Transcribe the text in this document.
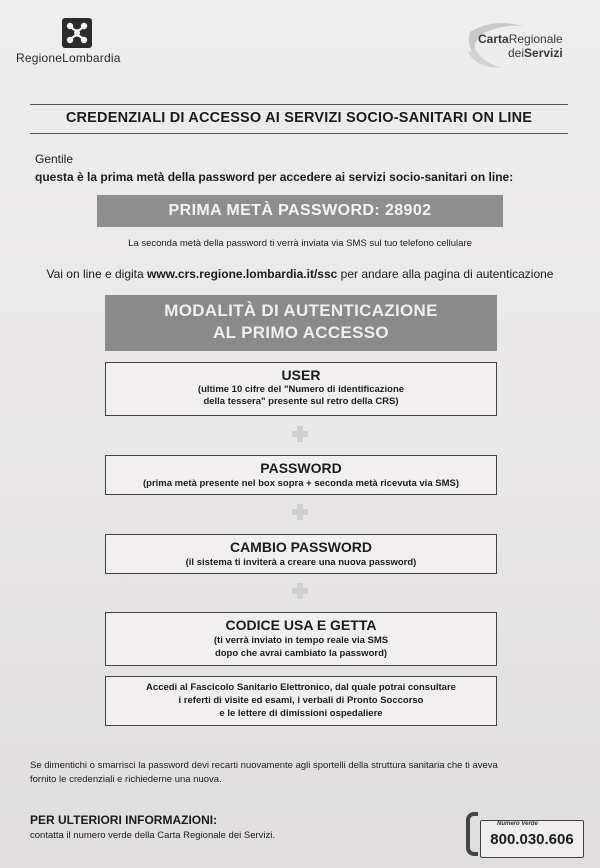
RegioneLombardia
CartaRegionale
deiServizi
CREDENZIALI DI ACCESSO AI SERVIZI SOCIO-SANITARI ON LINE
Gentile
questa è la prima metà della password per accedere ai servizi socio-sanitari on line:
PRIMA METÀ PASSWORD: 28902
La seconda metà della password ti verrà inviata via SMS sul tuo telefono cellulare
Vai on line e digita www.crs.regione.lombardia.it/ssc per andare alla pagina di autenticazione
MODALITÀ DI AUTENTICAZIONE
AL PRIMO ACCESSO
USER
(ultime 10 cifre del "Numero di identificazione
della tessera" presente sul retro della CRS)
PASSWORD
(prima metà presente nel box sopra + seconda metà ricevuta via SMS)
CAMBIO PASSWORD
(il sistema ti inviterà a creare una nuova password)
CODICE USA E GETTA
(ti verrà inviato in tempo reale via SMS
dopo che avrai cambiato la password)
Accedi al Fascicolo Sanitario Elettronico, dal quale potrai consultare
i referti di visite ed esami, i verbali di Pronto Soccorso
e le lettere di dimissioni ospedaliere
Se dimentichi o smarrisci la password devi recarti nuovamente agli sportelli della struttura sanitaria che ti aveva
fornito le credenziali e richiederne una nuova.
PER ULTERIORI INFORMAZIONI:
contatta il numero verde della Carta Regionale dei Servizi.
Numero Verde
800.030.606
